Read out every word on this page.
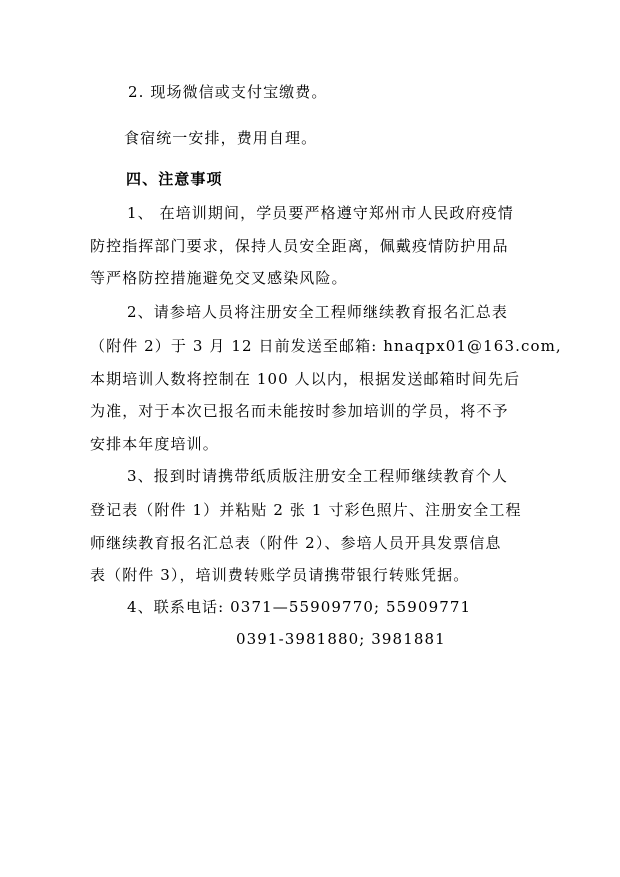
2. 现场微信或支付宝缴费。
食宿统一安排，费用自理。
四、注意事项
1、 在培训期间，学员要严格遵守郑州市人民政府疫情
防控指挥部门要求，保持人员安全距离，佩戴疫情防护用品
等严格防控措施避免交叉感染风险。
2、请参培人员将注册安全工程师继续教育报名汇总表
（附件 2）于 3 月 12 日前发送至邮箱: hnaqpx01@163.com,
本期培训人数将控制在 100 人以内，根据发送邮箱时间先后
为准，对于本次已报名而未能按时参加培训的学员，将不予
安排本年度培训。
3、报到时请携带纸质版注册安全工程师继续教育个人
登记表（附件 1）并粘贴 2 张 1 寸彩色照片、注册安全工程
师继续教育报名汇总表（附件 2）、参培人员开具发票信息
表（附件 3），培训费转账学员请携带银行转账凭据。
4、联系电话: 0371—55909770; 55909771
0391-3981880; 3981881
